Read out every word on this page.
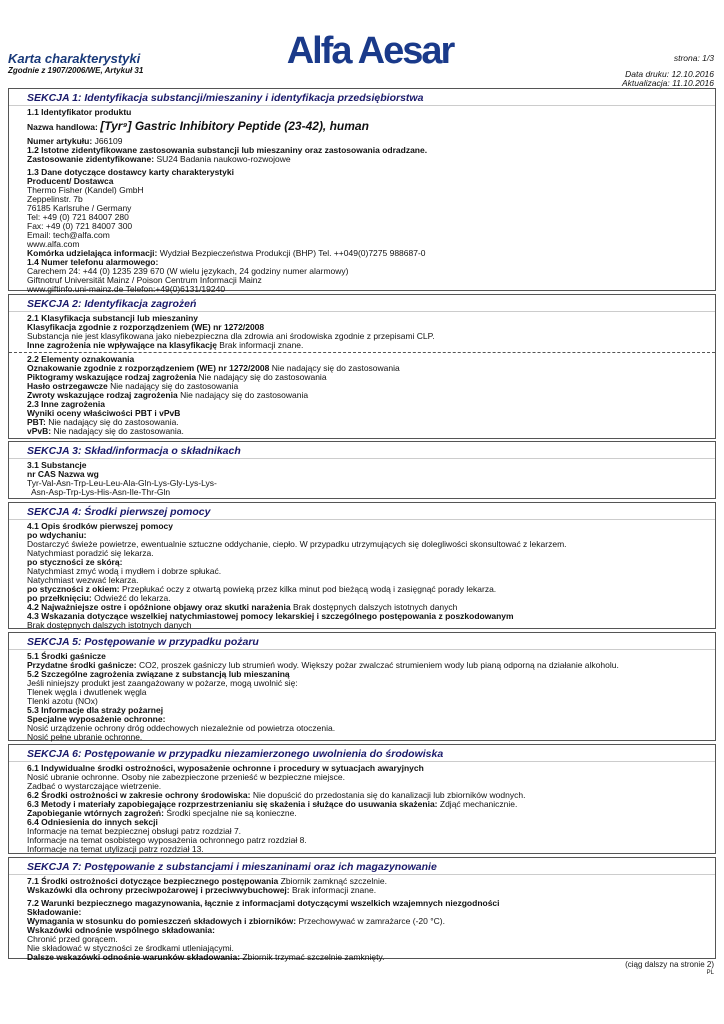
Karta charakterystyki
Zgodnie z 1907/2006/WE, Artykuł 31	Alfa Aesar	strona: 1/3
Data druku: 12.10.2016
Aktualizacja: 11.10.2016
SEKCJA 1: Identyfikacja substancji/mieszaniny i identyfikacja przedsiębiorstwa
1.1 Identyfikator produktu
Nazwa handlowa: [Tyr⁹] Gastric Inhibitory Peptide (23-42), human
Numer artykułu: J66109
1.2 Istotne zidentyfikowane zastosowania substancji lub mieszaniny oraz zastosowania odradzane.
Zastosowanie zidentyfikowane: SU24 Badania naukowo-rozwojowe
1.3 Dane dotyczące dostawcy karty charakterystyki
Producent/ Dostawca
Thermo Fisher (Kandel) GmbH
Zeppelinstr. 7b
76185 Karlsruhe / Germany
Tel: +49 (0) 721 84007 280
Fax: +49 (0) 721 84007 300
Email: tech@alfa.com
www.alfa.com
Komórka udzielająca informacji: Wydział Bezpieczeństwa Produkcji (BHP) Tel. ++049(0)7275 988687-0
1.4 Numer telefonu alarmowego:
Carechem 24: +44 (0) 1235 239 670 (W wielu językach, 24 godziny numer alarmowy)
Giftnotruf Universität Mainz / Poison Centrum Informacji Mainz
www.giftinfo.uni-mainz.de Telefon:+49(0)6131/19240
SEKCJA 2: Identyfikacja zagrożeń
2.1 Klasyfikacja substancji lub mieszaniny
Klasyfikacja zgodnie z rozporządzeniem (WE) nr 1272/2008
Substancja nie jest klasyfikowana jako niebezpieczna dla zdrowia ani środowiska zgodnie z przepisami CLP.
Inne zagrożenia nie wpływające na klasyfikację Brak informacji znane.
2.2 Elementy oznakowania
Oznakowanie zgodnie z rozporządzeniem (WE) nr 1272/2008 Nie nadający się do zastosowania
Piktogramy wskazujące rodzaj zagrożenia Nie nadający się do zastosowania
Hasło ostrzegawcze Nie nadający się do zastosowania
Zwroty wskazujące rodzaj zagrożenia Nie nadający się do zastosowania
2.3 Inne zagrożenia
Wyniki oceny właściwości PBT i vPvB
PBT: Nie nadający się do zastosowania.
vPvB: Nie nadający się do zastosowania.
SEKCJA 3: Skład/informacja o składnikach
3.1 Substancje
nr CAS Nazwa wg
Tyr-Val-Asn-Trp-Leu-Leu-Ala-Gln-Lys-Gly-Lys-Lys-
Asn-Asp-Trp-Lys-His-Asn-Ile-Thr-Gln
SEKCJA 4: Środki pierwszej pomocy
4.1 Opis środków pierwszej pomocy
po wdychaniu:
Dostarczyć świeże powietrze, ewentualnie sztuczne oddychanie, ciepło. W przypadku utrzymujących się dolegliwości skonsultować z lekarzem.
Natychmiast poradzić się lekarza.
po styczności ze skórą:
Natychmiast zmyć wodą i mydłem i dobrze spłukać.
Natychmiast wezwać lekarza.
po styczności z okiem: Przepłukać oczy z otwartą powieką przez kilka minut pod bieżącą wodą i zasięgnąć porady lekarza.
po przełknięciu: Odwieźć do lekarza.
4.2 Najważniejsze ostre i opóźnione objawy oraz skutki narażenia Brak dostępnych dalszych istotnych danych
4.3 Wskazania dotyczące wszelkiej natychmiastowej pomocy lekarskiej i szczególnego postępowania z poszkodowanym
Brak dostępnych dalszych istotnych danych
SEKCJA 5: Postępowanie w przypadku pożaru
5.1 Środki gaśnicze
Przydatne środki gaśnicze: CO2, proszek gaśniczy lub strumień wody. Większy pożar zwalczać strumieniem wody lub pianą odporną na działanie alkoholu.
5.2 Szczególne zagrożenia związane z substancją lub mieszaniną
Jeśli niniejszy produkt jest zaangażowany w pożarze, mogą uwolnić się:
Tlenek węgla i dwutlenek węgla
Tlenki azotu (NOx)
5.3 Informacje dla straży pożarnej
Specjalne wyposażenie ochronne:
Nosić urządzenie ochrony dróg oddechowych niezależnie od powietrza otoczenia.
Nosić pełne ubranie ochronne.
SEKCJA 6: Postępowanie w przypadku niezamierzonego uwolnienia do środowiska
6.1 Indywidualne środki ostrożności, wyposażenie ochronne i procedury w sytuacjach awaryjnych
Nosić ubranie ochronne. Osoby nie zabezpieczone przenieść w bezpieczne miejsce.
Zadbać o wystarczające wietrzenie.
6.2 Środki ostrożności w zakresie ochrony środowiska: Nie dopuścić do przedostania się do kanalizacji lub zbiorników wodnych.
6.3 Metody i materiały zapobiegające rozprzestrzenianiu się skażenia i służące do usuwania skażenia: Zdjąć mechanicznie.
Zapobieganie wtórnych zagrożeń: Środki specjalne nie są konieczne.
6.4 Odniesienia do innych sekcji
Informacje na temat bezpiecznej obsługi patrz rozdział 7.
Informacje na temat osobistego wyposażenia ochronnego patrz rozdział 8.
Informacje na temat utylizacji patrz rozdział 13.
SEKCJA 7: Postępowanie z substancjami i mieszaninami oraz ich magazynowanie
7.1 Środki ostrożności dotyczące bezpiecznego postępowania Zbiornik zamknąć szczelnie.
Wskazówki dla ochrony przeciwpożarowej i przeciwwybuchowej: Brak informacji znane.
7.2 Warunki bezpiecznego magazynowania, łącznie z informacjami dotyczącymi wszelkich wzajemnych niezgodności
Składowanie:
Wymagania w stosunku do pomieszczeń składowych i zbiorników: Przechowywać w zamrażarce (-20 °C).
Wskazówki odnośnie wspólnego składowania:
Chronić przed gorącem.
Nie składować w styczności ze środkami utleniającymi.
Dalsze wskazówki odnośnie warunków składowania: Zbiornik trzymać szczelnie zamknięty.
(ciąg dalszy na stronie 2)
PL
